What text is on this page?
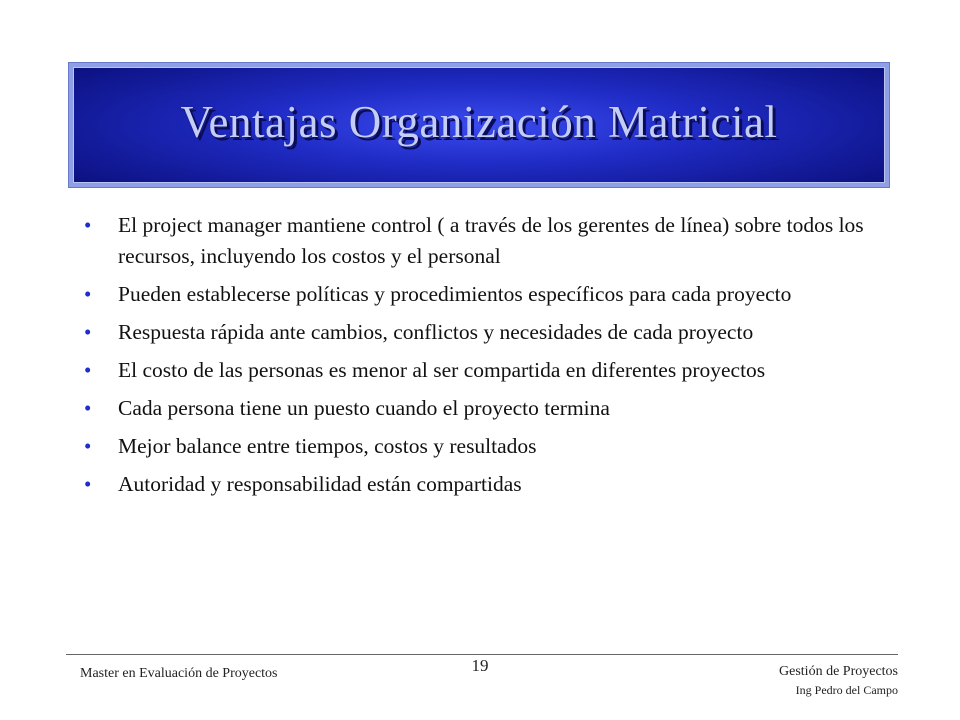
Ventajas Organización Matricial
•	El project manager mantiene control ( a través de los gerentes de línea) sobre todos los recursos, incluyendo los costos y el personal
•	Pueden establecerse políticas y procedimientos específicos para cada proyecto
•	Respuesta rápida ante cambios, conflictos y necesidades de cada proyecto
•	El costo de las personas es menor al ser compartida en diferentes proyectos
•	Cada persona tiene un puesto cuando el proyecto termina
•	Mejor balance entre tiempos, costos y resultados
•	Autoridad y responsabilidad están compartidas
Master en Evaluación de Proyectos	19	Gestión de Proyectos
Ing Pedro del Campo
